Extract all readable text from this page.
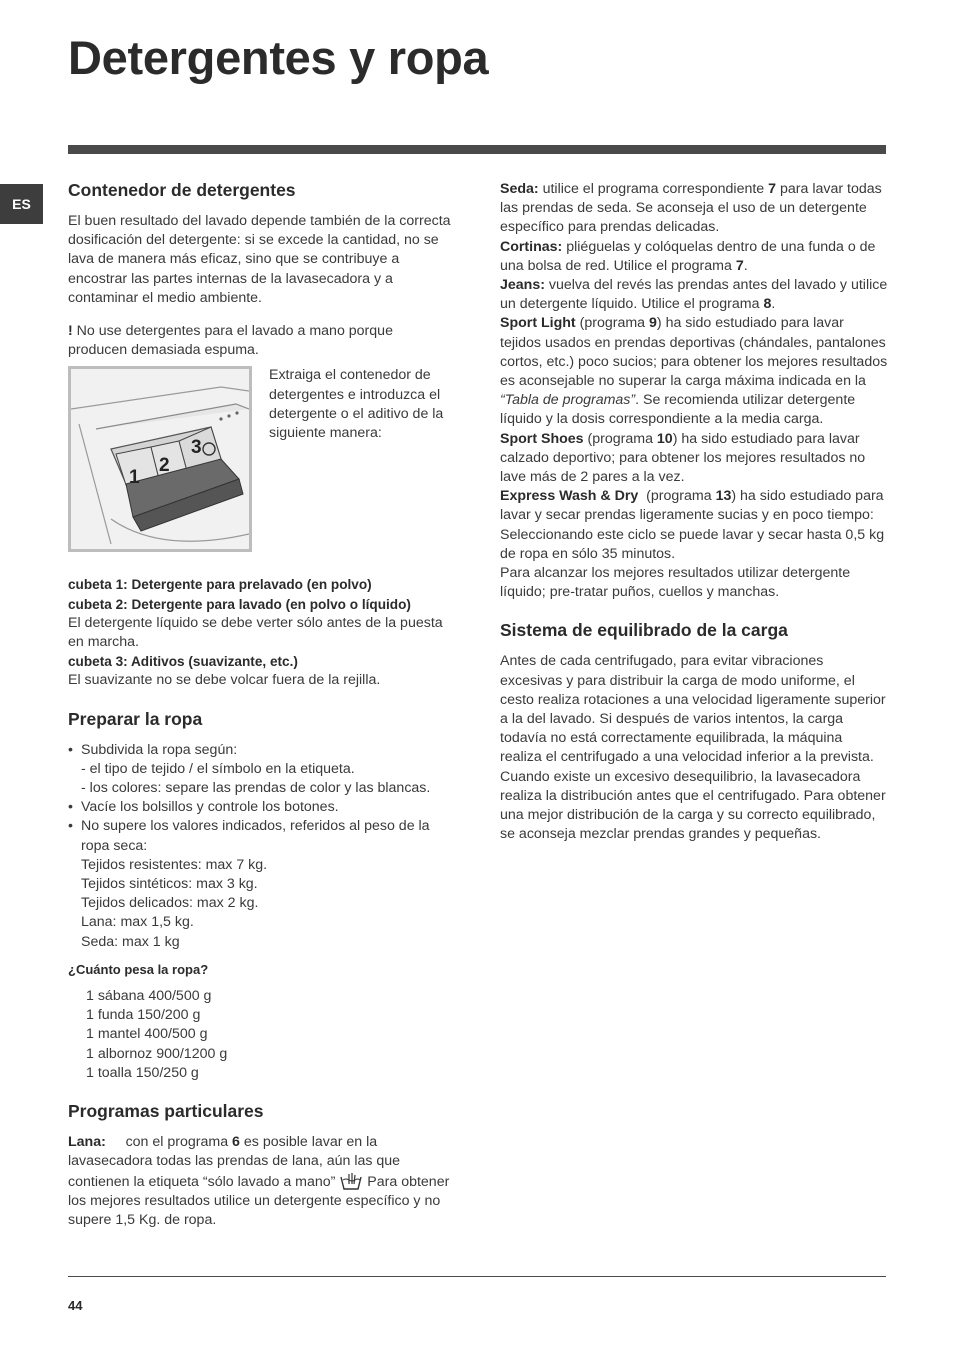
Detergentes y ropa
ES
Contenedor de detergentes

El buen resultado del lavado depende también de la correcta dosificación del detergente: si se excede la cantidad, no se lava de manera más eficaz, sino que se contribuye a encostrar las partes internas de la lavasecadora y a contaminar el medio ambiente.

! No use detergentes para el lavado a mano porque producen demasiada espuma.

1
2
3
Extraiga el contenedor de detergentes e introduzca el detergente o el aditivo de la siguiente manera:

cubeta 1: Detergente para prelavado (en polvo)

cubeta 2: Detergente para lavado (en polvo o líquido)

El detergente líquido se debe verter sólo antes de la puesta en marcha.

cubeta 3: Aditivos (suavizante, etc.)

El suavizante no se debe volcar fuera de la rejilla.

Preparar la ropa
• Subdivida la ropa según:
- el tipo de tejido / el símbolo en la etiqueta.
- los colores: separe las prendas de color y las blancas.
• Vacíe los bolsillos y controle los botones.
• No supere los valores indicados, referidos al peso de la ropa seca:
Tejidos resistentes: max 7 kg.
Tejidos sintéticos: max 3 kg.
Tejidos delicados: max 2 kg.
Lana: max 1,5 kg.
Seda: max 1 kg

¿Cuánto pesa la ropa?

1 sábana 400/500 g
1 funda 150/200 g
1 mantel 400/500 g
1 albornoz 900/1200 g
1 toalla 150/250 g
Programas particulares

Lana: con el programa 6 es posible lavar en la lavasecadora todas las prendas de lana, aún las que contienen la etiqueta “sólo lavado a mano” Para obtener los mejores resultados utilice un detergente específico y no supere 1,5 Kg. de ropa.

Seda: utilice el programa correspondiente 7 para lavar todas las prendas de seda. Se aconseja el uso de un detergente específico para prendas delicadas.

Cortinas: pliéguelas y colóquelas dentro de una funda o de una bolsa de red. Utilice el programa 7.

Jeans: vuelva del revés las prendas antes del lavado y utilice un detergente líquido. Utilice el programa 8.

Sport Light (programa 9) ha sido estudiado para lavar tejidos usados en prendas deportivas (chándales, pantalones cortos, etc.) poco sucios; para obtener los mejores resultados es aconsejable no superar la carga máxima indicada en la “Tabla de programas”. Se recomienda utilizar detergente líquido y la dosis correspondiente a la media carga.

Sport Shoes (programa 10) ha sido estudiado para lavar calzado deportivo; para obtener los mejores resultados no lave más de 2 pares a la vez.

Express Wash & Dry (programa 13) ha sido estudiado para lavar y secar prendas ligeramente sucias y en poco tiempo: Seleccionando este ciclo se puede lavar y secar hasta 0,5 kg de ropa en sólo 35 minutos.

Para alcanzar los mejores resultados utilizar detergente líquido; pre-tratar puños, cuellos y manchas.

Sistema de equilibrado de la carga

Antes de cada centrifugado, para evitar vibraciones excesivas y para distribuir la carga de modo uniforme, el cesto realiza rotaciones a una velocidad ligeramente superior a la del lavado. Si después de varios intentos, la carga todavía no está correctamente equilibrada, la máquina realiza el centrifugado a una velocidad inferior a la prevista. Cuando existe un excesivo desequilibrio, la lavasecadora realiza la distribución antes que el centrifugado. Para obtener una mejor distribución de la carga y su correcto equilibrado, se aconseja mezclar prendas grandes y pequeñas.

44
